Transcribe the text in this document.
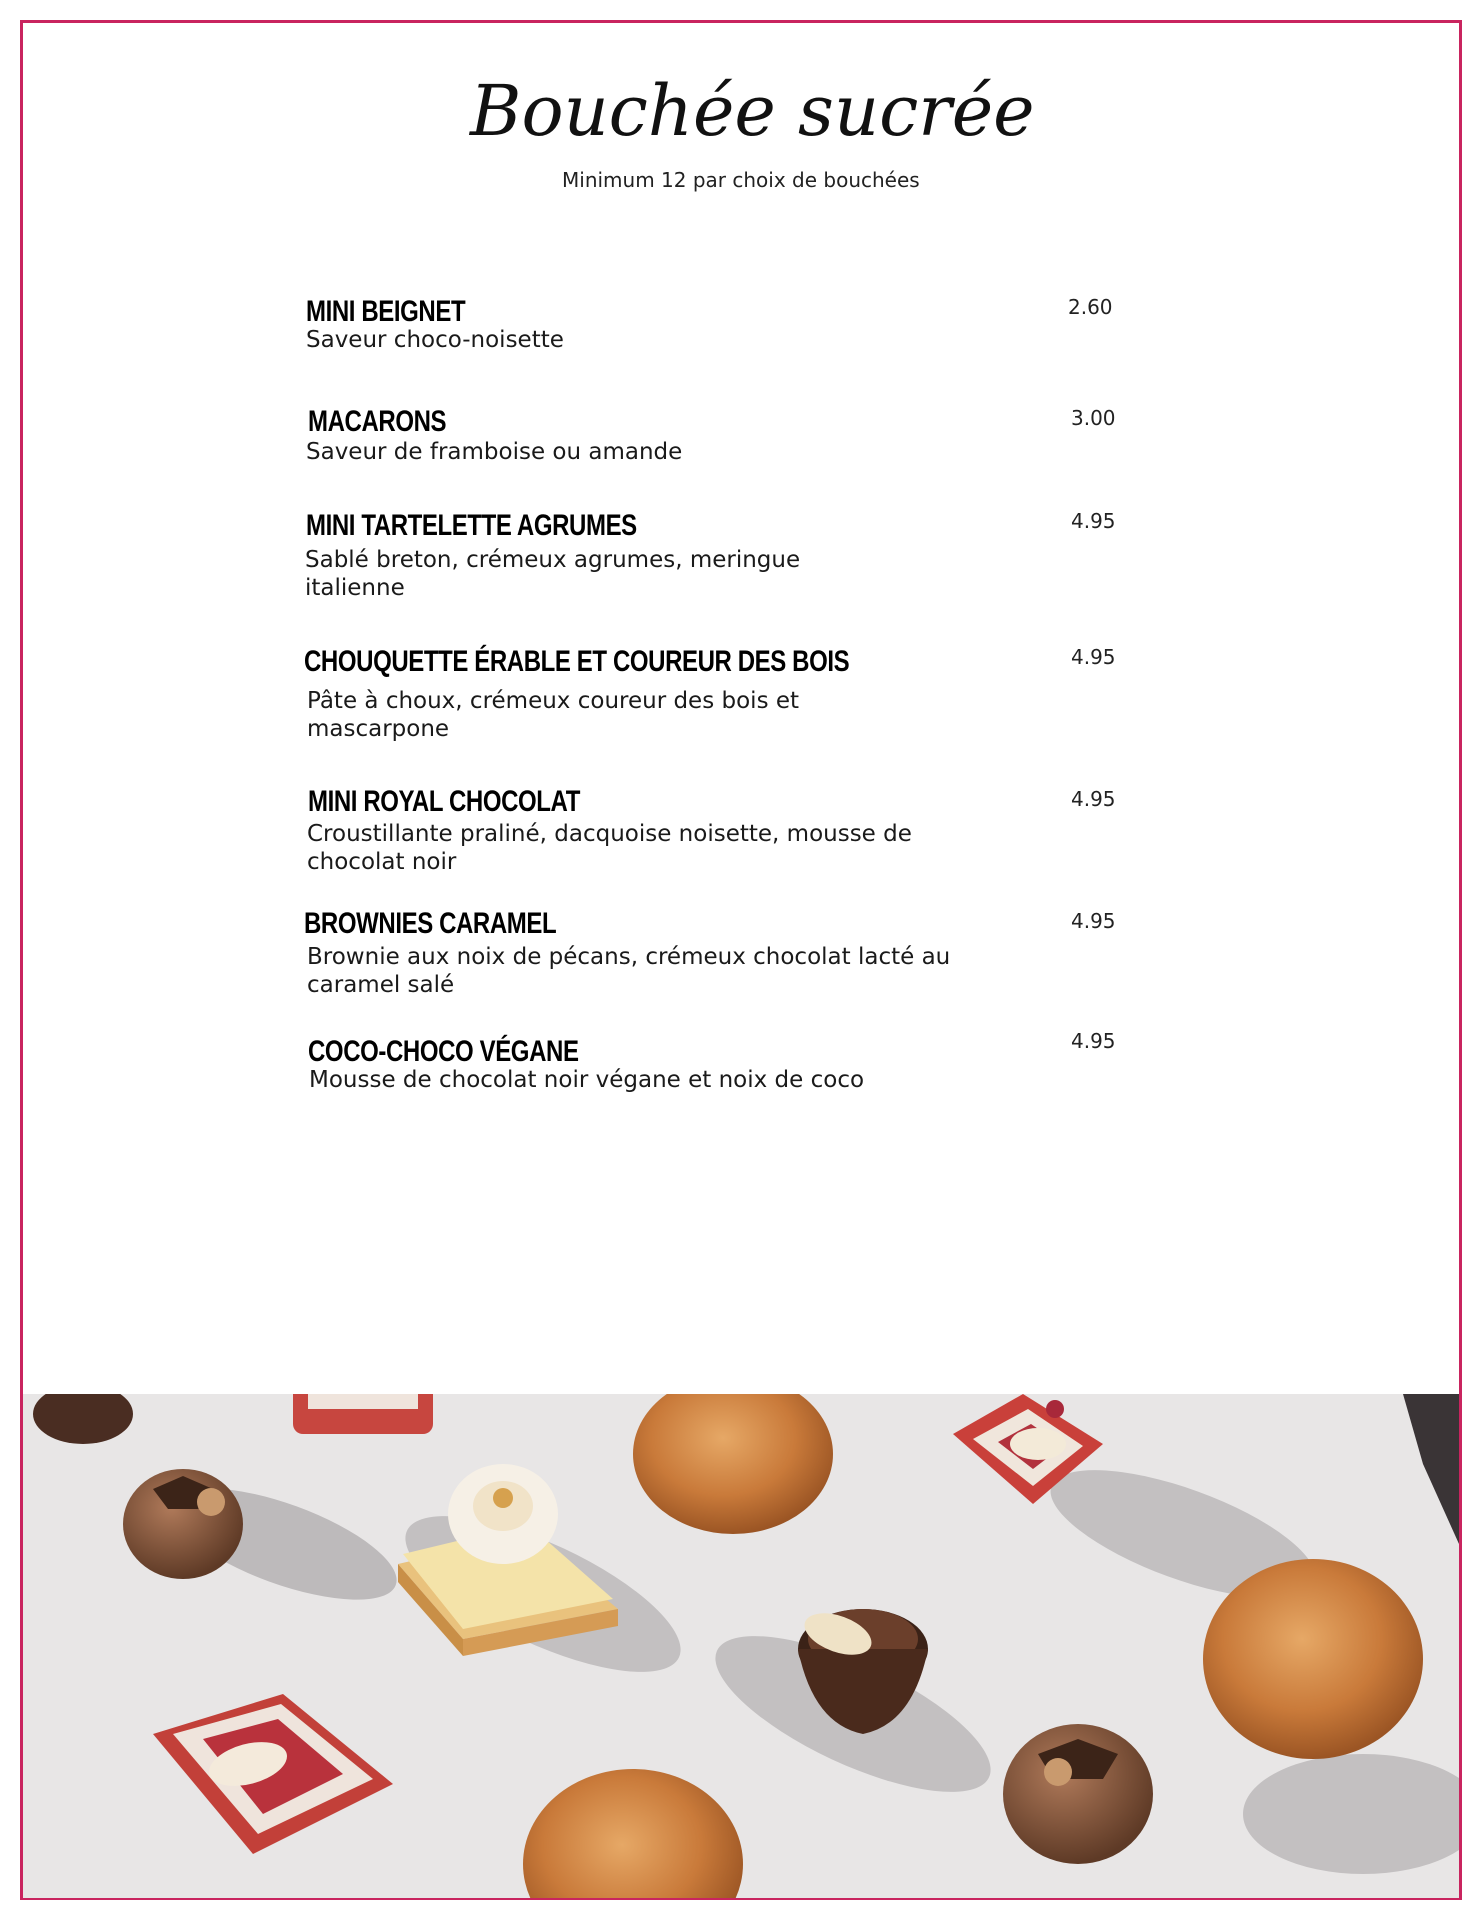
Bouchée sucrée
Minimum 12 par choix de bouchées
MINI BEIGNET
Saveur choco-noisette
2.60
MACARONS
Saveur de framboise ou amande
3.00
MINI TARTELETTE AGRUMES
Sablé breton, crémeux agrumes, meringue italienne
4.95
CHOUQUETTE ÉRABLE ET COUREUR DES BOIS
Pâte à choux, crémeux coureur des bois et mascarpone
4.95
MINI ROYAL CHOCOLAT
Croustillante praliné, dacquoise noisette, mousse de chocolat noir
4.95
BROWNIES CARAMEL
Brownie aux noix de pécans, crémeux chocolat lacté au caramel salé
4.95
COCO-CHOCO VÉGANE
Mousse de chocolat noir végane et noix de coco
4.95
